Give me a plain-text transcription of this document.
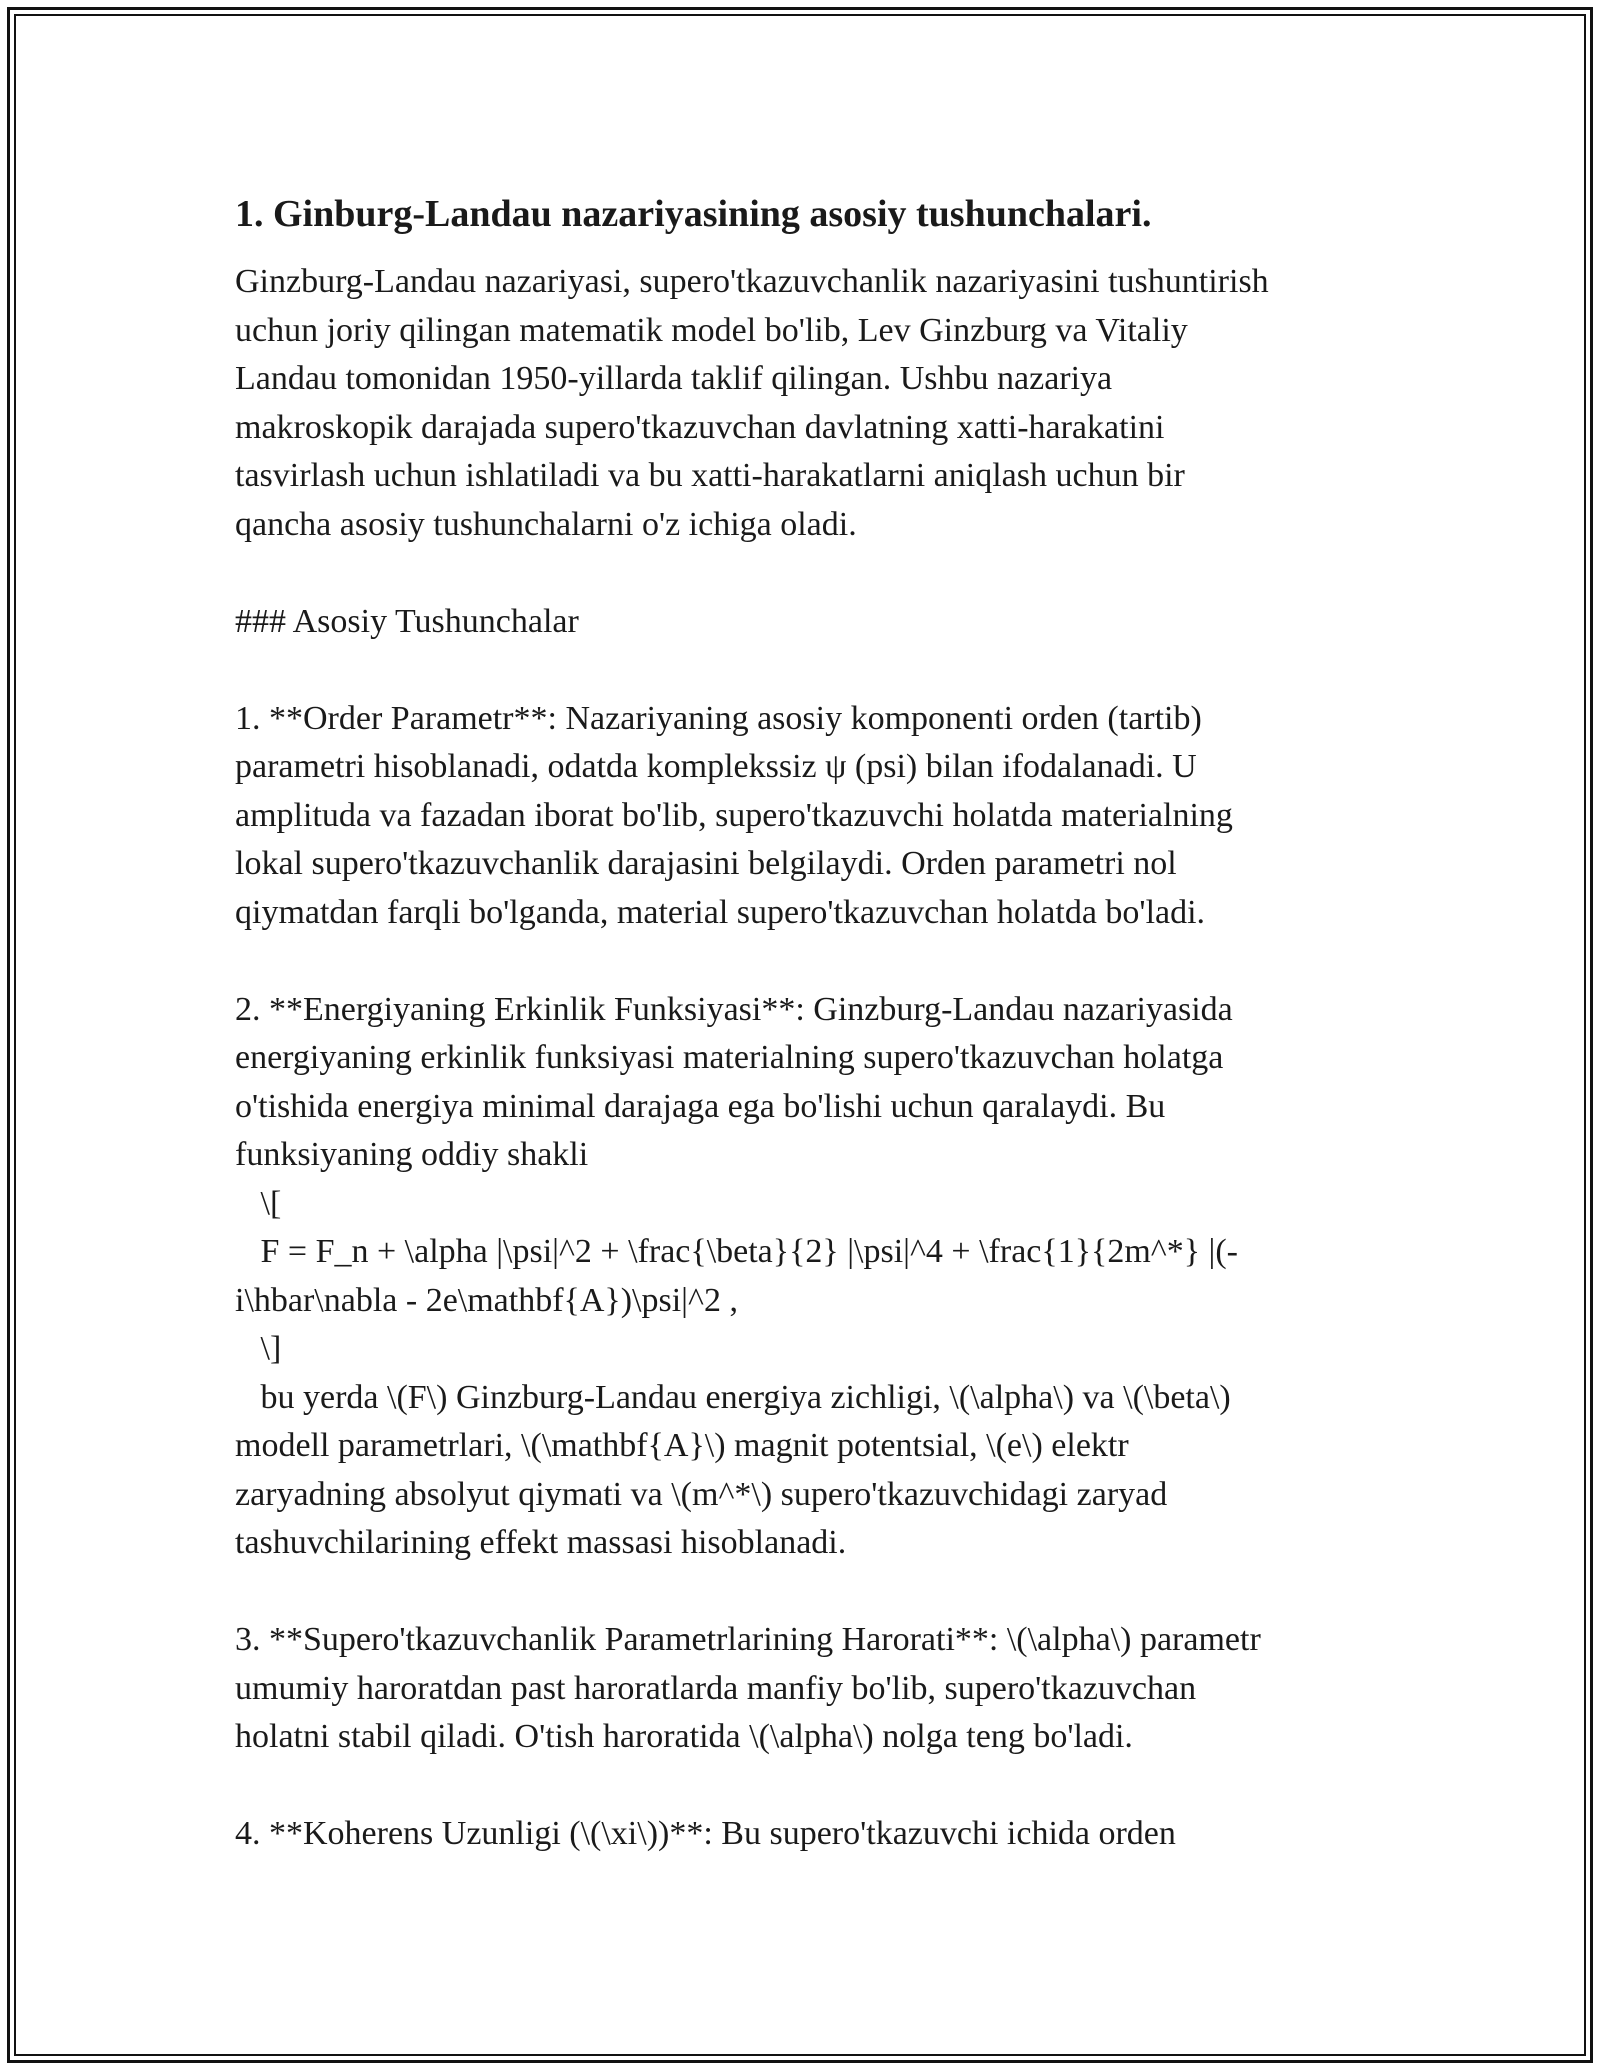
1. Ginburg-Landau nazariyasining asosiy tushunchalari.

Ginzburg-Landau nazariyasi, supero'tkazuvchanlik nazariyasini tushuntirish
uchun joriy qilingan matematik model bo'lib, Lev Ginzburg va Vitaliy
Landau tomonidan 1950-yillarda taklif qilingan. Ushbu nazariya
makroskopik darajada supero'tkazuvchan davlatning xatti-harakatini
tasvirlash uchun ishlatiladi va bu xatti-harakatlarni aniqlash uchun bir
qancha asosiy tushunchalarni o'z ichiga oladi.

### Asosiy Tushunchalar

1. **Order Parametr**: Nazariyaning asosiy komponenti orden (tartib)
parametri hisoblanadi, odatda komplekssiz ψ (psi) bilan ifodalanadi. U
amplituda va fazadan iborat bo'lib, supero'tkazuvchi holatda materialning
lokal supero'tkazuvchanlik darajasini belgilaydi. Orden parametri nol
qiymatdan farqli bo'lganda, material supero'tkazuvchan holatda bo'ladi.

2. **Energiyaning Erkinlik Funksiyasi**: Ginzburg-Landau nazariyasida
energiyaning erkinlik funksiyasi materialning supero'tkazuvchan holatga
o'tishida energiya minimal darajaga ega bo'lishi uchun qaralaydi. Bu
funksiyaning oddiy shakli
\[
F = F_n + \alpha |\psi|^2 + \frac{\beta}{2} |\psi|^4 + \frac{1}{2m^*} |(-
i\hbar\nabla - 2e\mathbf{A})\psi|^2 ,
\]
bu yerda \(F\) Ginzburg-Landau energiya zichligi, \(\alpha\) va \(\beta\)
modell parametrlari, \(\mathbf{A}\) magnit potentsial, \(e\) elektr
zaryadning absolyut qiymati va \(m^*\) supero'tkazuvchidagi zaryad
tashuvchilarining effekt massasi hisoblanadi.

3. **Supero'tkazuvchanlik Parametrlarining Harorati**: \(\alpha\) parametr
umumiy haroratdan past haroratlarda manfiy bo'lib, supero'tkazuvchan
holatni stabil qiladi. O'tish haroratida \(\alpha\) nolga teng bo'ladi.

4. **Koherens Uzunligi (\(\xi\))**: Bu supero'tkazuvchi ichida orden
